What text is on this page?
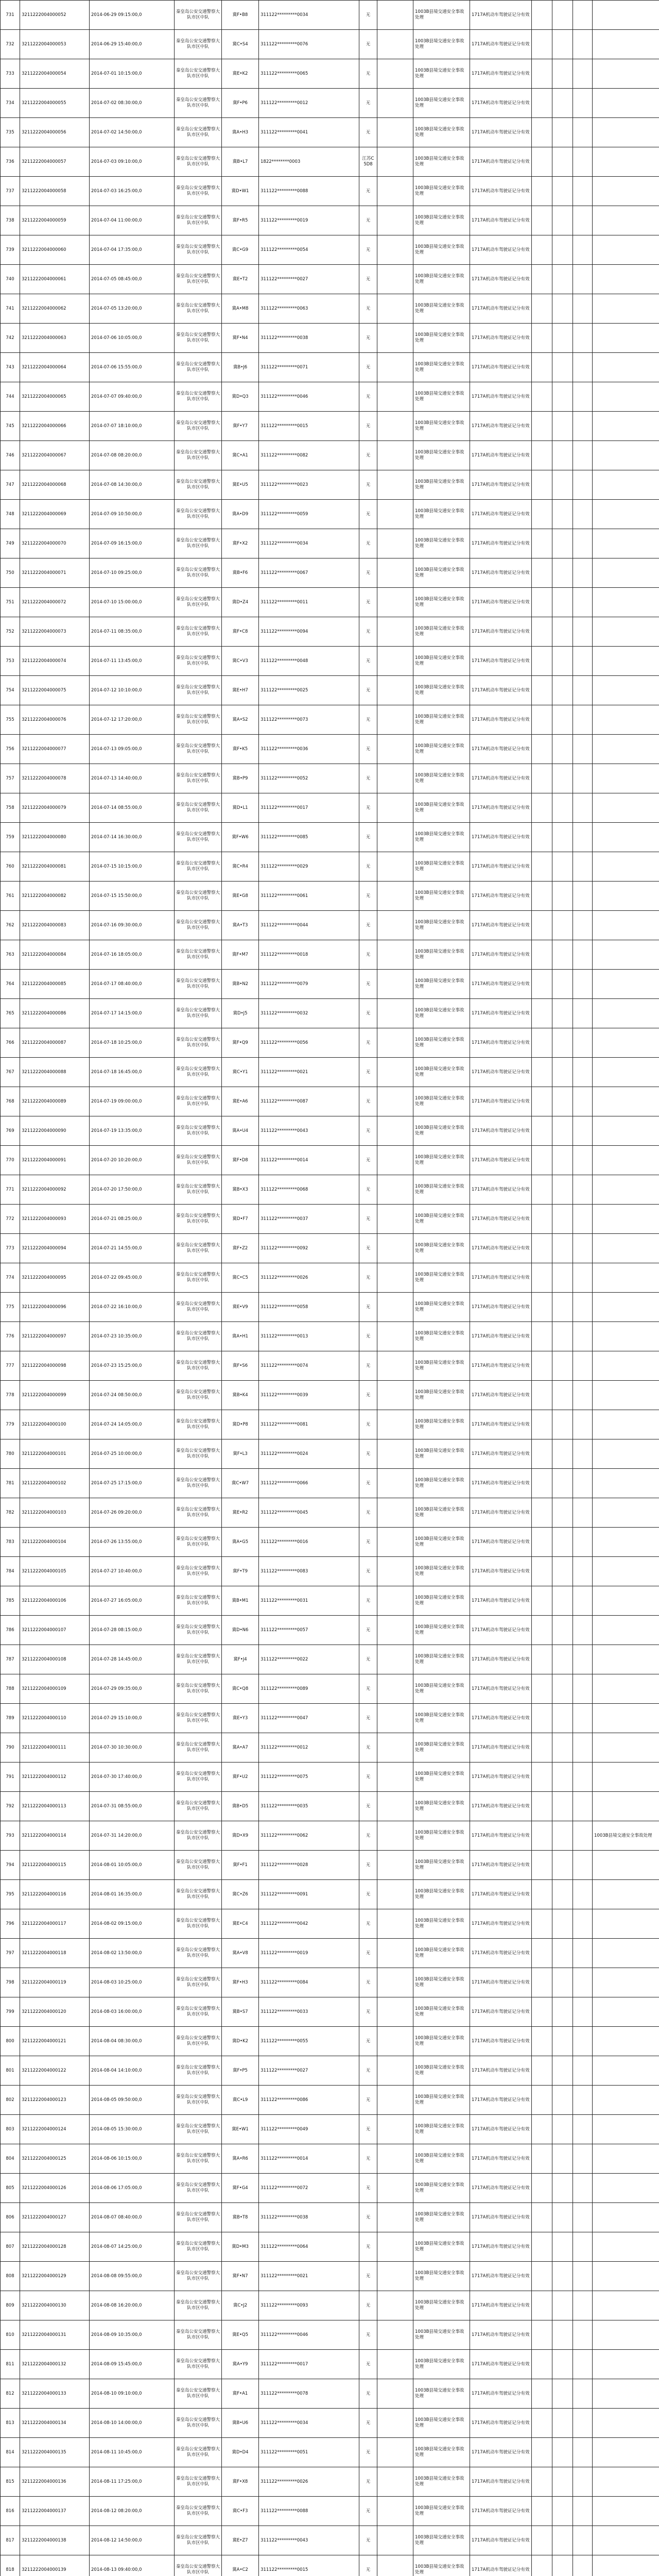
731	3211222004000052	2014-06-29 09:15:00,0	秦皇岛公安交通警察大队市区中队	冀F•B8	311122*********0034	无		1003B县境交通安全事故处理	1717A机动车驾驶证记分有效				
732	3211222004000053	2014-06-29 15:40:00,0	秦皇岛公安交通警察大队市区中队	冀C•S4	311122*********0076	无		1003B县境交通安全事故处理	1717A机动车驾驶证记分有效				
733	3211222004000054	2014-07-01 10:15:00,0	秦皇岛公安交通警察大队市区中队	冀E•K2	311122*********0065	无		1003B县境交通安全事故处理	1717A机动车驾驶证记分有效				
734	3211222004000055	2014-07-02 08:30:00,0	秦皇岛公安交通警察大队市区中队	冀F•P6	311122*********0012	无		1003B县境交通安全事故处理	1717A机动车驾驶证记分有效				
735	3211222004000056	2014-07-02 14:50:00,0	秦皇岛公安交通警察大队市区中队	冀A•H3	311122*********0041	无		1003B县境交通安全事故处理	1717A机动车驾驶证记分有效				
736	3211222004000057	2014-07-03 09:10:00,0	秦皇岛公安交通警察大队市区中队	冀B•L7	1822********0003	江苏C5D8		1003B县境交通安全事故处理	1717A机动车驾驶证记分有效				
737	3211222004000058	2014-07-03 16:25:00,0	秦皇岛公安交通警察大队市区中队	冀D•W1	311122*********0088	无		1003B县境交通安全事故处理	1717A机动车驾驶证记分有效				
738	3211222004000059	2014-07-04 11:00:00,0	秦皇岛公安交通警察大队市区中队	冀F•R5	311122*********0019	无		1003B县境交通安全事故处理	1717A机动车驾驶证记分有效				
739	3211222004000060	2014-07-04 17:35:00,0	秦皇岛公安交通警察大队市区中队	冀C•G9	311122*********0054	无		1003B县境交通安全事故处理	1717A机动车驾驶证记分有效				
740	3211222004000061	2014-07-05 08:45:00,0	秦皇岛公安交通警察大队市区中队	冀E•T2	311122*********0027	无		1003B县境交通安全事故处理	1717A机动车驾驶证记分有效				
741	3211222004000062	2014-07-05 13:20:00,0	秦皇岛公安交通警察大队市区中队	冀A•M8	311122*********0063	无		1003B县境交通安全事故处理	1717A机动车驾驶证记分有效				
742	3211222004000063	2014-07-06 10:05:00,0	秦皇岛公安交通警察大队市区中队	冀F•N4	311122*********0038	无		1003B县境交通安全事故处理	1717A机动车驾驶证记分有效				
743	3211222004000064	2014-07-06 15:55:00,0	秦皇岛公安交通警察大队市区中队	冀B•J6	311122*********0071	无		1003B县境交通安全事故处理	1717A机动车驾驶证记分有效				
744	3211222004000065	2014-07-07 09:40:00,0	秦皇岛公安交通警察大队市区中队	冀D•Q3	311122*********0046	无		1003B县境交通安全事故处理	1717A机动车驾驶证记分有效				
745	3211222004000066	2014-07-07 18:10:00,0	秦皇岛公安交通警察大队市区中队	冀F•Y7	311122*********0015	无		1003B县境交通安全事故处理	1717A机动车驾驶证记分有效				
746	3211222004000067	2014-07-08 08:20:00,0	秦皇岛公安交通警察大队市区中队	冀C•A1	311122*********0082	无		1003B县境交通安全事故处理	1717A机动车驾驶证记分有效				
747	3211222004000068	2014-07-08 14:30:00,0	秦皇岛公安交通警察大队市区中队	冀E•U5	311122*********0023	无		1003B县境交通安全事故处理	1717A机动车驾驶证记分有效				
748	3211222004000069	2014-07-09 10:50:00,0	秦皇岛公安交通警察大队市区中队	冀A•D9	311122*********0059	无		1003B县境交通安全事故处理	1717A机动车驾驶证记分有效				
749	3211222004000070	2014-07-09 16:15:00,0	秦皇岛公安交通警察大队市区中队	冀F•X2	311122*********0034	无		1003B县境交通安全事故处理	1717A机动车驾驶证记分有效				
750	3211222004000071	2014-07-10 09:25:00,0	秦皇岛公安交通警察大队市区中队	冀B•F6	311122*********0067	无		1003B县境交通安全事故处理	1717A机动车驾驶证记分有效				
751	3211222004000072	2014-07-10 15:00:00,0	秦皇岛公安交通警察大队市区中队	冀D•Z4	311122*********0011	无		1003B县境交通安全事故处理	1717A机动车驾驶证记分有效				
752	3211222004000073	2014-07-11 08:35:00,0	秦皇岛公安交通警察大队市区中队	冀F•C8	311122*********0094	无		1003B县境交通安全事故处理	1717A机动车驾驶证记分有效				
753	3211222004000074	2014-07-11 13:45:00,0	秦皇岛公安交通警察大队市区中队	冀C•V3	311122*********0048	无		1003B县境交通安全事故处理	1717A机动车驾驶证记分有效				
754	3211222004000075	2014-07-12 10:10:00,0	秦皇岛公安交通警察大队市区中队	冀E•H7	311122*********0025	无		1003B县境交通安全事故处理	1717A机动车驾驶证记分有效				
755	3211222004000076	2014-07-12 17:20:00,0	秦皇岛公安交通警察大队市区中队	冀A•S2	311122*********0073	无		1003B县境交通安全事故处理	1717A机动车驾驶证记分有效				
756	3211222004000077	2014-07-13 09:05:00,0	秦皇岛公安交通警察大队市区中队	冀F•K5	311122*********0036	无		1003B县境交通安全事故处理	1717A机动车驾驶证记分有效				
757	3211222004000078	2014-07-13 14:40:00,0	秦皇岛公安交通警察大队市区中队	冀B•P9	311122*********0052	无		1003B县境交通安全事故处理	1717A机动车驾驶证记分有效				
758	3211222004000079	2014-07-14 08:55:00,0	秦皇岛公安交通警察大队市区中队	冀D•L1	311122*********0017	无		1003B县境交通安全事故处理	1717A机动车驾驶证记分有效				
759	3211222004000080	2014-07-14 16:30:00,0	秦皇岛公安交通警察大队市区中队	冀F•W6	311122*********0085	无		1003B县境交通安全事故处理	1717A机动车驾驶证记分有效				
760	3211222004000081	2014-07-15 10:15:00,0	秦皇岛公安交通警察大队市区中队	冀C•R4	311122*********0029	无		1003B县境交通安全事故处理	1717A机动车驾驶证记分有效				
761	3211222004000082	2014-07-15 15:50:00,0	秦皇岛公安交通警察大队市区中队	冀E•G8	311122*********0061	无		1003B县境交通安全事故处理	1717A机动车驾驶证记分有效				
762	3211222004000083	2014-07-16 09:30:00,0	秦皇岛公安交通警察大队市区中队	冀A•T3	311122*********0044	无		1003B县境交通安全事故处理	1717A机动车驾驶证记分有效				
763	3211222004000084	2014-07-16 18:05:00,0	秦皇岛公安交通警察大队市区中队	冀F•M7	311122*********0018	无		1003B县境交通安全事故处理	1717A机动车驾驶证记分有效				
764	3211222004000085	2014-07-17 08:40:00,0	秦皇岛公安交通警察大队市区中队	冀B•N2	311122*********0079	无		1003B县境交通安全事故处理	1717A机动车驾驶证记分有效				
765	3211222004000086	2014-07-17 14:15:00,0	秦皇岛公安交通警察大队市区中队	冀D•J5	311122*********0032	无		1003B县境交通安全事故处理	1717A机动车驾驶证记分有效				
766	3211222004000087	2014-07-18 10:25:00,0	秦皇岛公安交通警察大队市区中队	冀F•Q9	311122*********0056	无		1003B县境交通安全事故处理	1717A机动车驾驶证记分有效				
767	3211222004000088	2014-07-18 16:45:00,0	秦皇岛公安交通警察大队市区中队	冀C•Y1	311122*********0021	无		1003B县境交通安全事故处理	1717A机动车驾驶证记分有效				
768	3211222004000089	2014-07-19 09:00:00,0	秦皇岛公安交通警察大队市区中队	冀E•A6	311122*********0087	无		1003B县境交通安全事故处理	1717A机动车驾驶证记分有效				
769	3211222004000090	2014-07-19 13:35:00,0	秦皇岛公安交通警察大队市区中队	冀A•U4	311122*********0043	无		1003B县境交通安全事故处理	1717A机动车驾驶证记分有效				
770	3211222004000091	2014-07-20 10:20:00,0	秦皇岛公安交通警察大队市区中队	冀F•D8	311122*********0014	无		1003B县境交通安全事故处理	1717A机动车驾驶证记分有效				
771	3211222004000092	2014-07-20 17:50:00,0	秦皇岛公安交通警察大队市区中队	冀B•X3	311122*********0068	无		1003B县境交通安全事故处理	1717A机动车驾驶证记分有效				
772	3211222004000093	2014-07-21 08:25:00,0	秦皇岛公安交通警察大队市区中队	冀D•F7	311122*********0037	无		1003B县境交通安全事故处理	1717A机动车驾驶证记分有效				
773	3211222004000094	2014-07-21 14:55:00,0	秦皇岛公安交通警察大队市区中队	冀F•Z2	311122*********0092	无		1003B县境交通安全事故处理	1717A机动车驾驶证记分有效				
774	3211222004000095	2014-07-22 09:45:00,0	秦皇岛公安交通警察大队市区中队	冀C•C5	311122*********0026	无		1003B县境交通安全事故处理	1717A机动车驾驶证记分有效				
775	3211222004000096	2014-07-22 16:10:00,0	秦皇岛公安交通警察大队市区中队	冀E•V9	311122*********0058	无		1003B县境交通安全事故处理	1717A机动车驾驶证记分有效				
776	3211222004000097	2014-07-23 10:35:00,0	秦皇岛公安交通警察大队市区中队	冀A•H1	311122*********0013	无		1003B县境交通安全事故处理	1717A机动车驾驶证记分有效				
777	3211222004000098	2014-07-23 15:25:00,0	秦皇岛公安交通警察大队市区中队	冀F•S6	311122*********0074	无		1003B县境交通安全事故处理	1717A机动车驾驶证记分有效				
778	3211222004000099	2014-07-24 08:50:00,0	秦皇岛公安交通警察大队市区中队	冀B•K4	311122*********0039	无		1003B县境交通安全事故处理	1717A机动车驾驶证记分有效				
779	3211222004000100	2014-07-24 14:05:00,0	秦皇岛公安交通警察大队市区中队	冀D•P8	311122*********0081	无		1003B县境交通安全事故处理	1717A机动车驾驶证记分有效				
780	3211222004000101	2014-07-25 10:00:00,0	秦皇岛公安交通警察大队市区中队	冀F•L3	311122*********0024	无		1003B县境交通安全事故处理	1717A机动车驾驶证记分有效				
781	3211222004000102	2014-07-25 17:15:00,0	秦皇岛公安交通警察大队市区中队	冀C•W7	311122*********0066	无		1003B县境交通安全事故处理	1717A机动车驾驶证记分有效				
782	3211222004000103	2014-07-26 09:20:00,0	秦皇岛公安交通警察大队市区中队	冀E•R2	311122*********0045	无		1003B县境交通安全事故处理	1717A机动车驾驶证记分有效				
783	3211222004000104	2014-07-26 13:55:00,0	秦皇岛公安交通警察大队市区中队	冀A•G5	311122*********0016	无		1003B县境交通安全事故处理	1717A机动车驾驶证记分有效				
784	3211222004000105	2014-07-27 10:40:00,0	秦皇岛公安交通警察大队市区中队	冀F•T9	311122*********0083	无		1003B县境交通安全事故处理	1717A机动车驾驶证记分有效				
785	3211222004000106	2014-07-27 16:05:00,0	秦皇岛公安交通警察大队市区中队	冀B•M1	311122*********0031	无		1003B县境交通安全事故处理	1717A机动车驾驶证记分有效				
786	3211222004000107	2014-07-28 08:15:00,0	秦皇岛公安交通警察大队市区中队	冀D•N6	311122*********0057	无		1003B县境交通安全事故处理	1717A机动车驾驶证记分有效				
787	3211222004000108	2014-07-28 14:45:00,0	秦皇岛公安交通警察大队市区中队	冀F•J4	311122*********0022	无		1003B县境交通安全事故处理	1717A机动车驾驶证记分有效				
788	3211222004000109	2014-07-29 09:35:00,0	秦皇岛公安交通警察大队市区中队	冀C•Q8	311122*********0089	无		1003B县境交通安全事故处理	1717A机动车驾驶证记分有效				
789	3211222004000110	2014-07-29 15:10:00,0	秦皇岛公安交通警察大队市区中队	冀E•Y3	311122*********0047	无		1003B县境交通安全事故处理	1717A机动车驾驶证记分有效				
790	3211222004000111	2014-07-30 10:30:00,0	秦皇岛公安交通警察大队市区中队	冀A•A7	311122*********0012	无		1003B县境交通安全事故处理	1717A机动车驾驶证记分有效				
791	3211222004000112	2014-07-30 17:40:00,0	秦皇岛公安交通警察大队市区中队	冀F•U2	311122*********0075	无		1003B县境交通安全事故处理	1717A机动车驾驶证记分有效				
792	3211222004000113	2014-07-31 08:55:00,0	秦皇岛公安交通警察大队市区中队	冀B•D5	311122*********0035	无		1003B县境交通安全事故处理	1717A机动车驾驶证记分有效				
793	3211222004000114	2014-07-31 14:20:00,0	秦皇岛公安交通警察大队市区中队	冀D•X9	311122*********0062	无		1003B县境交通安全事故处理	1717A机动车驾驶证记分有效				1003B县境交通安全事故处理
794	3211222004000115	2014-08-01 10:05:00,0	秦皇岛公安交通警察大队市区中队	冀F•F1	311122*********0028	无		1003B县境交通安全事故处理	1717A机动车驾驶证记分有效				
795	3211222004000116	2014-08-01 16:35:00,0	秦皇岛公安交通警察大队市区中队	冀C•Z6	311122*********0091	无		1003B县境交通安全事故处理	1717A机动车驾驶证记分有效				
796	3211222004000117	2014-08-02 09:15:00,0	秦皇岛公安交通警察大队市区中队	冀E•C4	311122*********0042	无		1003B县境交通安全事故处理	1717A机动车驾驶证记分有效				
797	3211222004000118	2014-08-02 13:50:00,0	秦皇岛公安交通警察大队市区中队	冀A•V8	311122*********0019	无		1003B县境交通安全事故处理	1717A机动车驾驶证记分有效				
798	3211222004000119	2014-08-03 10:25:00,0	秦皇岛公安交通警察大队市区中队	冀F•H3	311122*********0084	无		1003B县境交通安全事故处理	1717A机动车驾驶证记分有效				
799	3211222004000120	2014-08-03 16:00:00,0	秦皇岛公安交通警察大队市区中队	冀B•S7	311122*********0033	无		1003B县境交通安全事故处理	1717A机动车驾驶证记分有效				
800	3211222004000121	2014-08-04 08:30:00,0	秦皇岛公安交通警察大队市区中队	冀D•K2	311122*********0055	无		1003B县境交通安全事故处理	1717A机动车驾驶证记分有效				
801	3211222004000122	2014-08-04 14:10:00,0	秦皇岛公安交通警察大队市区中队	冀F•P5	311122*********0027	无		1003B县境交通安全事故处理	1717A机动车驾驶证记分有效				
802	3211222004000123	2014-08-05 09:50:00,0	秦皇岛公安交通警察大队市区中队	冀C•L9	311122*********0086	无		1003B县境交通安全事故处理	1717A机动车驾驶证记分有效				
803	3211222004000124	2014-08-05 15:30:00,0	秦皇岛公安交通警察大队市区中队	冀E•W1	311122*********0049	无		1003B县境交通安全事故处理	1717A机动车驾驶证记分有效				
804	3211222004000125	2014-08-06 10:15:00,0	秦皇岛公安交通警察大队市区中队	冀A•R6	311122*********0014	无		1003B县境交通安全事故处理	1717A机动车驾驶证记分有效				
805	3211222004000126	2014-08-06 17:05:00,0	秦皇岛公安交通警察大队市区中队	冀F•G4	311122*********0072	无		1003B县境交通安全事故处理	1717A机动车驾驶证记分有效				
806	3211222004000127	2014-08-07 08:40:00,0	秦皇岛公安交通警察大队市区中队	冀B•T8	311122*********0038	无		1003B县境交通安全事故处理	1717A机动车驾驶证记分有效				
807	3211222004000128	2014-08-07 14:25:00,0	秦皇岛公安交通警察大队市区中队	冀D•M3	311122*********0064	无		1003B县境交通安全事故处理	1717A机动车驾驶证记分有效				
808	3211222004000129	2014-08-08 09:55:00,0	秦皇岛公安交通警察大队市区中队	冀F•N7	311122*********0021	无		1003B县境交通安全事故处理	1717A机动车驾驶证记分有效				
809	3211222004000130	2014-08-08 16:20:00,0	秦皇岛公安交通警察大队市区中队	冀C•J2	311122*********0093	无		1003B县境交通安全事故处理	1717A机动车驾驶证记分有效				
810	3211222004000131	2014-08-09 10:35:00,0	秦皇岛公安交通警察大队市区中队	冀E•Q5	311122*********0046	无		1003B县境交通安全事故处理	1717A机动车驾驶证记分有效				
811	3211222004000132	2014-08-09 15:45:00,0	秦皇岛公安交通警察大队市区中队	冀A•Y9	311122*********0017	无		1003B县境交通安全事故处理	1717A机动车驾驶证记分有效				
812	3211222004000133	2014-08-10 09:10:00,0	秦皇岛公安交通警察大队市区中队	冀F•A1	311122*********0078	无		1003B县境交通安全事故处理	1717A机动车驾驶证记分有效				
813	3211222004000134	2014-08-10 14:00:00,0	秦皇岛公安交通警察大队市区中队	冀B•U6	311122*********0034	无		1003B县境交通安全事故处理	1717A机动车驾驶证记分有效				
814	3211222004000135	2014-08-11 10:45:00,0	秦皇岛公安交通警察大队市区中队	冀D•D4	311122*********0051	无		1003B县境交通安全事故处理	1717A机动车驾驶证记分有效				
815	3211222004000136	2014-08-11 17:25:00,0	秦皇岛公安交通警察大队市区中队	冀F•X8	311122*********0026	无		1003B县境交通安全事故处理	1717A机动车驾驶证记分有效				
816	3211222004000137	2014-08-12 08:20:00,0	秦皇岛公安交通警察大队市区中队	冀C•F3	311122*********0088	无		1003B县境交通安全事故处理	1717A机动车驾驶证记分有效				
817	3211222004000138	2014-08-12 14:50:00,0	秦皇岛公安交通警察大队市区中队	冀E•Z7	311122*********0043	无		1003B县境交通安全事故处理	1717A机动车驾驶证记分有效				
818	3211222004000139	2014-08-13 09:40:00,0	秦皇岛公安交通警察大队市区中队	冀A•C2	311122*********0015	无		1003B县境交通安全事故处理	1717A机动车驾驶证记分有效				
